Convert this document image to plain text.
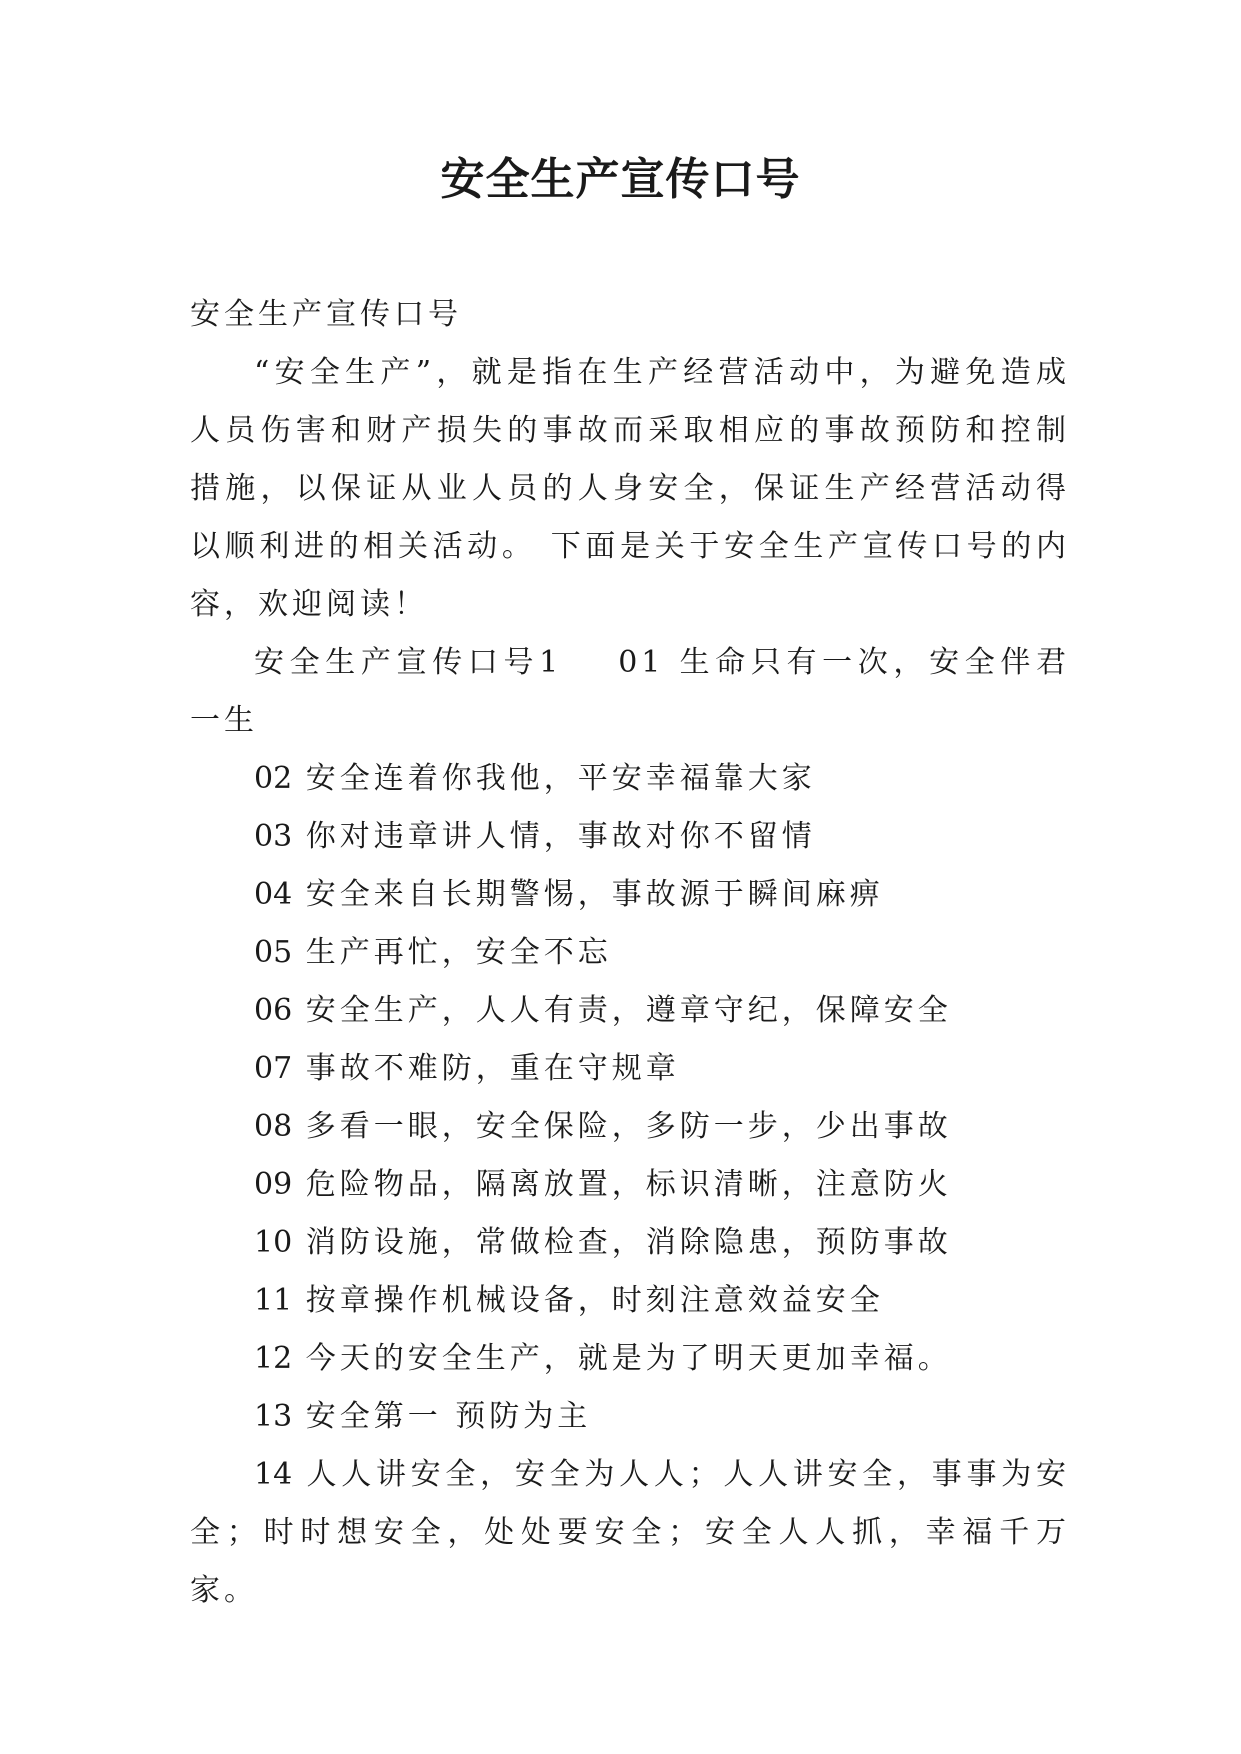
安全生产宣传口号

安全生产宣传口号

“安全生产”，就是指在生产经营活动中，为避免造成人员伤害和财产损失的事故而采取相应的事故预防和控制措施，以保证从业人员的人身安全，保证生产经营活动得以顺利进的相关活动。 下面是关于安全生产宣传口号的内容，欢迎阅读！

安全生产宣传口号1 01 生命只有一次，安全伴君一生

02 安全连着你我他，平安幸福靠大家

03 你对违章讲人情，事故对你不留情

04 安全来自长期警惕，事故源于瞬间麻痹

05 生产再忙，安全不忘

06 安全生产，人人有责，遵章守纪，保障安全

07 事故不难防，重在守规章

08 多看一眼，安全保险，多防一步，少出事故

09 危险物品，隔离放置，标识清晰，注意防火

10 消防设施，常做检查，消除隐患，预防事故

11 按章操作机械设备，时刻注意效益安全

12 今天的安全生产，就是为了明天更加幸福。

13 安全第一 预防为主

14 人人讲安全，安全为人人；人人讲安全，事事为安全；时时想安全，处处要安全；安全人人抓，幸福千万家。
